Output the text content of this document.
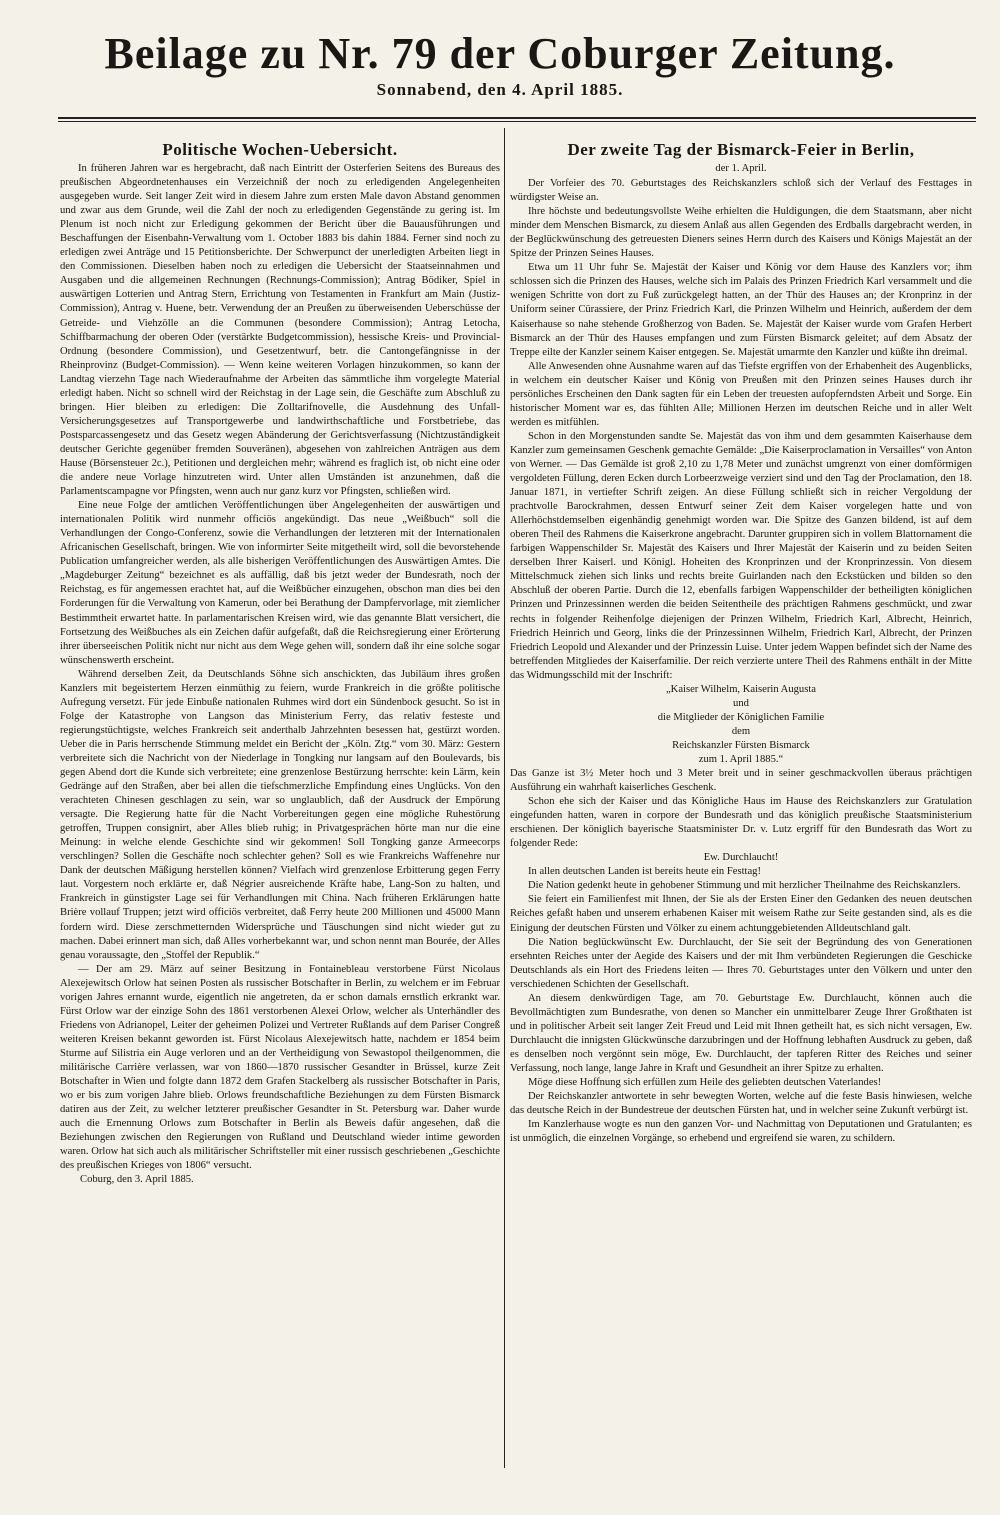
Beilage zu Nr. 79 der Coburger Zeitung.
Sonnabend, den 4. April 1885.
Politische Wochen-Uebersicht.

In früheren Jahren war es hergebracht, daß nach Eintritt der Osterferien Seitens des Bureaus des preußischen Abgeordnetenhauses ein Verzeichniß der noch zu erledigenden Angelegenheiten ausgegeben wurde. Seit langer Zeit wird in diesem Jahre zum ersten Male davon Abstand genommen und zwar aus dem Grunde, weil die Zahl der noch zu erledigenden Gegenstände zu gering ist. Im Plenum ist noch nicht zur Erledigung gekommen der Bericht über die Bauausführungen und Beschaffungen der Eisenbahn-Verwaltung vom 1. October 1883 bis dahin 1884. Ferner sind noch zu erledigen zwei Anträge und 15 Petitionsberichte. Der Schwerpunct der unerledigten Arbeiten liegt in den Commissionen. Dieselben haben noch zu erledigen die Uebersicht der Staatseinnahmen und Ausgaben und die allgemeinen Rechnungen (Rechnungs-Commission); Antrag Bödiker, Spiel in auswärtigen Lotterien und Antrag Stern, Errichtung von Testamenten in Frankfurt am Main (Justiz-Commission), Antrag v. Huene, betr. Verwendung der an Preußen zu überweisenden Ueberschüsse der Getreide- und Viehzölle an die Communen (besondere Commission); Antrag Letocha, Schiffbarmachung der oberen Oder (verstärkte Budgetcommission), hessische Kreis- und Provincial-Ordnung (besondere Commission), und Gesetzentwurf, betr. die Cantongefängnisse in der Rheinprovinz (Budget-Commission). — Wenn keine weiteren Vorlagen hinzukommen, so kann der Landtag vierzehn Tage nach Wiederaufnahme der Arbeiten das sämmtliche ihm vorgelegte Material erledigt haben. Nicht so schnell wird der Reichstag in der Lage sein, die Geschäfte zum Abschluß zu bringen. Hier bleiben zu erledigen: Die Zolltarifnovelle, die Ausdehnung des Unfall-Versicherungsgesetzes auf Transportgewerbe und landwirthschaftliche und Forstbetriebe, das Postsparcassengesetz und das Gesetz wegen Abänderung der Gerichtsverfassung (Nichtzuständigkeit deutscher Gerichte gegenüber fremden Souveränen), abgesehen von zahlreichen Anträgen aus dem Hause (Börsensteuer 2c.), Petitionen und dergleichen mehr; während es fraglich ist, ob nicht eine oder die andere neue Vorlage hinzutreten wird. Unter allen Umständen ist anzunehmen, daß die Parlamentscampagne vor Pfingsten, wenn auch nur ganz kurz vor Pfingsten, schließen wird.

Eine neue Folge der amtlichen Veröffentlichungen über Angelegenheiten der auswärtigen und internationalen Politik wird nunmehr officiös angekündigt. Das neue „Weißbuch“ soll die Verhandlungen der Congo-Conferenz, sowie die Verhandlungen der letzteren mit der Internationalen Africanischen Gesellschaft, bringen. Wie von informirter Seite mitgetheilt wird, soll die bevorstehende Publication umfangreicher werden, als alle bisherigen Veröffentlichungen des Auswärtigen Amtes. Die „Magdeburger Zeitung“ bezeichnet es als auffällig, daß bis jetzt weder der Bundesrath, noch der Reichstag, es für angemessen erachtet hat, auf die Weißbücher einzugehen, obschon man dies bei den Forderungen für die Verwaltung von Kamerun, oder bei Berathung der Dampfervorlage, mit ziemlicher Bestimmtheit erwartet hatte. In parlamentarischen Kreisen wird, wie das genannte Blatt versichert, die Fortsetzung des Weißbuches als ein Zeichen dafür aufgefaßt, daß die Reichsregierung einer Erörterung ihrer überseeischen Politik nicht nur nicht aus dem Wege gehen will, sondern daß ihr eine solche sogar wünschenswerth erscheint.

Während derselben Zeit, da Deutschlands Söhne sich anschickten, das Jubiläum ihres großen Kanzlers mit begeistertem Herzen einmüthig zu feiern, wurde Frankreich in die größte politische Aufregung versetzt. Für jede Einbuße nationalen Ruhmes wird dort ein Sündenbock gesucht. So ist in Folge der Katastrophe von Langson das Ministerium Ferry, das relativ festeste und regierungstüchtigste, welches Frankreich seit anderthalb Jahrzehnten besessen hat, gestürzt worden. Ueber die in Paris herrschende Stimmung meldet ein Bericht der „Köln. Ztg.“ vom 30. März: Gestern verbreitete sich die Nachricht von der Niederlage in Tongking nur langsam auf den Boulevards, bis gegen Abend dort die Kunde sich verbreitete; eine grenzenlose Bestürzung herrschte: kein Lärm, kein Gedränge auf den Straßen, aber bei allen die tiefschmerzliche Empfindung eines Unglücks. Von den verachteten Chinesen geschlagen zu sein, war so unglaublich, daß der Ausdruck der Empörung versagte. Die Regierung hatte für die Nacht Vorbereitungen gegen eine mögliche Ruhestörung getroffen, Truppen consignirt, aber Alles blieb ruhig; in Privatgesprächen hörte man nur die eine Meinung: in welche elende Geschichte sind wir gekommen! Soll Tongking ganze Armeecorps verschlingen? Sollen die Geschäfte noch schlechter gehen? Soll es wie Frankreichs Waffenehre nur Dank der deutschen Mäßigung herstellen können? Vielfach wird grenzenlose Erbitterung gegen Ferry laut. Vorgestern noch erklärte er, daß Négrier ausreichende Kräfte habe, Lang-Son zu halten, und Frankreich in günstigster Lage sei für Verhandlungen mit China. Nach früheren Erklärungen hatte Brière vollauf Truppen; jetzt wird officiös verbreitet, daß Ferry heute 200 Millionen und 45000 Mann fordern wird. Diese zerschmetternden Widersprüche und Täuschungen sind nicht wieder gut zu machen. Dabei erinnert man sich, daß Alles vorherbekannt war, und schon nennt man Bourée, der Alles genau voraussagte, den „Stoffel der Republik.“

— Der am 29. März auf seiner Besitzung in Fontainebleau verstorbene Fürst Nicolaus Alexejewitsch Orlow hat seinen Posten als russischer Botschafter in Berlin, zu welchem er im Februar vorigen Jahres ernannt wurde, eigentlich nie angetreten, da er schon damals ernstlich erkrankt war. Fürst Orlow war der einzige Sohn des 1861 verstorbenen Alexei Orlow, welcher als Unterhändler des Friedens von Adrianopel, Leiter der geheimen Polizei und Vertreter Rußlands auf dem Pariser Congreß weiteren Kreisen bekannt geworden ist. Fürst Nicolaus Alexejewitsch hatte, nachdem er 1854 beim Sturme auf Silistria ein Auge verloren und an der Vertheidigung von Sewastopol theilgenommen, die militärische Carrière verlassen, war von 1860—1870 russischer Gesandter in Brüssel, kurze Zeit Botschafter in Wien und folgte dann 1872 dem Grafen Stackelberg als russischer Botschafter in Paris, wo er bis zum vorigen Jahre blieb. Orlows freundschaftliche Beziehungen zu dem Fürsten Bismarck datiren aus der Zeit, zu welcher letzterer preußischer Gesandter in St. Petersburg war. Daher wurde auch die Ernennung Orlows zum Botschafter in Berlin als Beweis dafür angesehen, daß die Beziehungen zwischen den Regierungen von Rußland und Deutschland wieder intime geworden waren. Orlow hat sich auch als militärischer Schriftsteller mit einer russisch geschriebenen „Geschichte des preußischen Krieges von 1806“ versucht.

Coburg, den 3. April 1885.

Der zweite Tag der Bismarck-Feier in Berlin,
der 1. April.

Der Vorfeier des 70. Geburtstages des Reichskanzlers schloß sich der Verlauf des Festtages in würdigster Weise an.

Ihre höchste und bedeutungsvollste Weihe erhielten die Huldigungen, die dem Staatsmann, aber nicht minder dem Menschen Bismarck, zu diesem Anlaß aus allen Gegenden des Erdballs dargebracht werden, in der Beglückwünschung des getreuesten Dieners seines Herrn durch des Kaisers und Königs Majestät an der Spitze der Prinzen Seines Hauses.

Etwa um 11 Uhr fuhr Se. Majestät der Kaiser und König vor dem Hause des Kanzlers vor; ihm schlossen sich die Prinzen des Hauses, welche sich im Palais des Prinzen Friedrich Karl versammelt und die wenigen Schritte von dort zu Fuß zurückgelegt hatten, an der Thür des Hauses an; der Kronprinz in der Uniform seiner Cürassiere, der Prinz Friedrich Karl, die Prinzen Wilhelm und Heinrich, außerdem der dem Kaiserhause so nahe stehende Großherzog von Baden. Se. Majestät der Kaiser wurde vom Grafen Herbert Bismarck an der Thür des Hauses empfangen und zum Fürsten Bismarck geleitet; auf dem Absatz der Treppe eilte der Kanzler seinem Kaiser entgegen. Se. Majestät umarmte den Kanzler und küßte ihn dreimal.

Alle Anwesenden ohne Ausnahme waren auf das Tiefste ergriffen von der Erhabenheit des Augenblicks, in welchem ein deutscher Kaiser und König von Preußen mit den Prinzen seines Hauses durch ihr persönliches Erscheinen den Dank sagten für ein Leben der treuesten aufopferndsten Arbeit und Sorge. Ein historischer Moment war es, das fühlten Alle; Millionen Herzen im deutschen Reiche und in aller Welt werden es mitfühlen.

Schon in den Morgenstunden sandte Se. Majestät das von ihm und dem gesammten Kaiserhause dem Kanzler zum gemeinsamen Geschenk gemachte Gemälde: „Die Kaiserproclamation in Versailles“ von Anton von Werner. — Das Gemälde ist groß 2,10 zu 1,78 Meter und zunächst umgrenzt von einer domförmigen vergoldeten Füllung, deren Ecken durch Lorbeerzweige verziert sind und den Tag der Proclamation, den 18. Januar 1871, in vertiefter Schrift zeigen. An diese Füllung schließt sich in reicher Vergoldung der prachtvolle Barockrahmen, dessen Entwurf seiner Zeit dem Kaiser vorgelegen hatte und von Allerhöchstdemselben eigenhändig genehmigt worden war. Die Spitze des Ganzen bildend, ist auf dem oberen Theil des Rahmens die Kaiserkrone angebracht. Darunter gruppiren sich in vollem Blattornament die farbigen Wappenschilder Sr. Majestät des Kaisers und Ihrer Majestät der Kaiserin und zu beiden Seiten derselben Ihrer Kaiserl. und Königl. Hoheiten des Kronprinzen und der Kronprinzessin. Von diesem Mittelschmuck ziehen sich links und rechts breite Guirlanden nach den Eckstücken und bilden so den Abschluß der oberen Partie. Durch die 12, ebenfalls farbigen Wappenschilder der betheiligten königlichen Prinzen und Prinzessinnen werden die beiden Seitentheile des prächtigen Rahmens geschmückt, und zwar rechts in folgender Reihenfolge diejenigen der Prinzen Wilhelm, Friedrich Karl, Albrecht, Heinrich, Friedrich Heinrich und Georg, links die der Prinzessinnen Wilhelm, Friedrich Karl, Albrecht, der Prinzen Friedrich Leopold und Alexander und der Prinzessin Luise. Unter jedem Wappen befindet sich der Name des betreffenden Mitgliedes der Kaiserfamilie. Der reich verzierte untere Theil des Rahmens enthält in der Mitte das Widmungsschild mit der Inschrift:

„Kaiser Wilhelm, Kaiserin Augusta

und

die Mitglieder der Königlichen Familie

dem

Reichskanzler Fürsten Bismarck

zum 1. April 1885.“

Das Ganze ist 3½ Meter hoch und 3 Meter breit und in seiner geschmackvollen überaus prächtigen Ausführung ein wahrhaft kaiserliches Geschenk.

Schon ehe sich der Kaiser und das Königliche Haus im Hause des Reichskanzlers zur Gratulation eingefunden hatten, waren in corpore der Bundesrath und das königlich preußische Staatsministerium erschienen. Der königlich bayerische Staatsminister Dr. v. Lutz ergriff für den Bundesrath das Wort zu folgender Rede:

Ew. Durchlaucht!

In allen deutschen Landen ist bereits heute ein Festtag!

Die Nation gedenkt heute in gehobener Stimmung und mit herzlicher Theilnahme des Reichskanzlers.

Sie feiert ein Familienfest mit Ihnen, der Sie als der Ersten Einer den Gedanken des neuen deutschen Reiches gefaßt haben und unserem erhabenen Kaiser mit weisem Rathe zur Seite gestanden sind, als es die Einigung der deutschen Fürsten und Völker zu einem achtunggebietenden Alldeutschland galt.

Die Nation beglückwünscht Ew. Durchlaucht, der Sie seit der Begründung des von Generationen ersehnten Reiches unter der Aegide des Kaisers und der mit Ihm verbündeten Regierungen die Geschicke Deutschlands als ein Hort des Friedens leiten — Ihres 70. Geburtstages unter den Völkern und unter den verschiedenen Schichten der Gesellschaft.

An diesem denkwürdigen Tage, am 70. Geburtstage Ew. Durchlaucht, können auch die Bevollmächtigten zum Bundesrathe, von denen so Mancher ein unmittelbarer Zeuge Ihrer Großthaten ist und in politischer Arbeit seit langer Zeit Freud und Leid mit Ihnen getheilt hat, es sich nicht versagen, Ew. Durchlaucht die innigsten Glückwünsche darzubringen und der Hoffnung lebhaften Ausdruck zu geben, daß es denselben noch vergönnt sein möge, Ew. Durchlaucht, der tapferen Ritter des Reiches und seiner Verfassung, noch lange, lange Jahre in Kraft und Gesundheit an ihrer Spitze zu erhalten.

Möge diese Hoffnung sich erfüllen zum Heile des geliebten deutschen Vaterlandes!

Der Reichskanzler antwortete in sehr bewegten Worten, welche auf die feste Basis hinwiesen, welche das deutsche Reich in der Bundestreue der deutschen Fürsten hat, und in welcher seine Zukunft verbürgt ist.

Im Kanzlerhause wogte es nun den ganzen Vor- und Nachmittag von Deputationen und Gratulanten; es ist unmöglich, die einzelnen Vorgänge, so erhebend und ergreifend sie waren, zu schildern.
